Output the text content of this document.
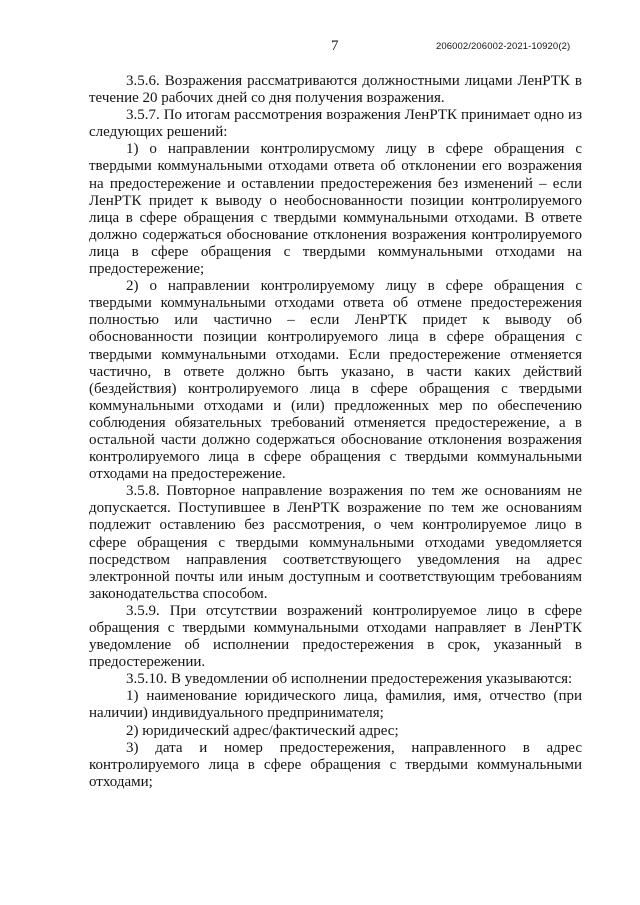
7	206002/206002-2021-10920(2)

3.5.6. Возражения рассматриваются должностными лицами ЛенРТК в течение 20 рабочих дней со дня получения возражения.

3.5.7. По итогам рассмотрения возражения ЛенРТК принимает одно из следующих решений:

1) о направлении контролирусмому лицу в сфере обращения с твердыми коммунальными отходами ответа об отклонении его возражения на предостережение и оставлении предостережения без изменений – если ЛенРТК придет к выводу о необоснованности позиции контролируемого лица в сфере обращения с твердыми коммунальными отходами. В ответе должно содержаться обоснование отклонения возражения контролируемого лица в сфере обращения с твердыми коммунальными отходами на предостережение;

2) о направлении контролируемому лицу в сфере обращения с твердыми коммунальными отходами ответа об отмене предостережения полностью или частично – если ЛенРТК придет к выводу об обоснованности позиции контролируемого лица в сфере обращения с твердыми коммунальными отходами. Если предостережение отменяется частично, в ответе должно быть указано, в части каких действий (бездействия) контролируемого лица в сфере обращения с твердыми коммунальными отходами и (или) предложенных мер по обеспечению соблюдения обязательных требований отменяется предостережение, а в остальной части должно содержаться обоснование отклонения возражения контролируемого лица в сфере обращения с твердыми коммунальными отходами на предостережение.

3.5.8. Повторное направление возражения по тем же основаниям не допускается. Поступившее в ЛенРТК возражение по тем же основаниям подлежит оставлению без рассмотрения, о чем контролируемое лицо в сфере обращения с твердыми коммунальными отходами уведомляется посредством направления соответствующего уведомления на адрес электронной почты или иным доступным и соответствующим требованиям законодательства способом.

3.5.9. При отсутствии возражений контролируемое лицо в сфере обращения с твердыми коммунальными отходами направляет в ЛенРТК уведомление об исполнении предостережения в срок, указанный в предостережении.

3.5.10. В уведомлении об исполнении предостережения указываются:

1) наименование юридического лица, фамилия, имя, отчество (при наличии) индивидуального предпринимателя;

2) юридический адрес/фактический адрес;

3) дата и номер предостережения, направленного в адрес контролируемого лица в сфере обращения с твердыми коммунальными отходами;
